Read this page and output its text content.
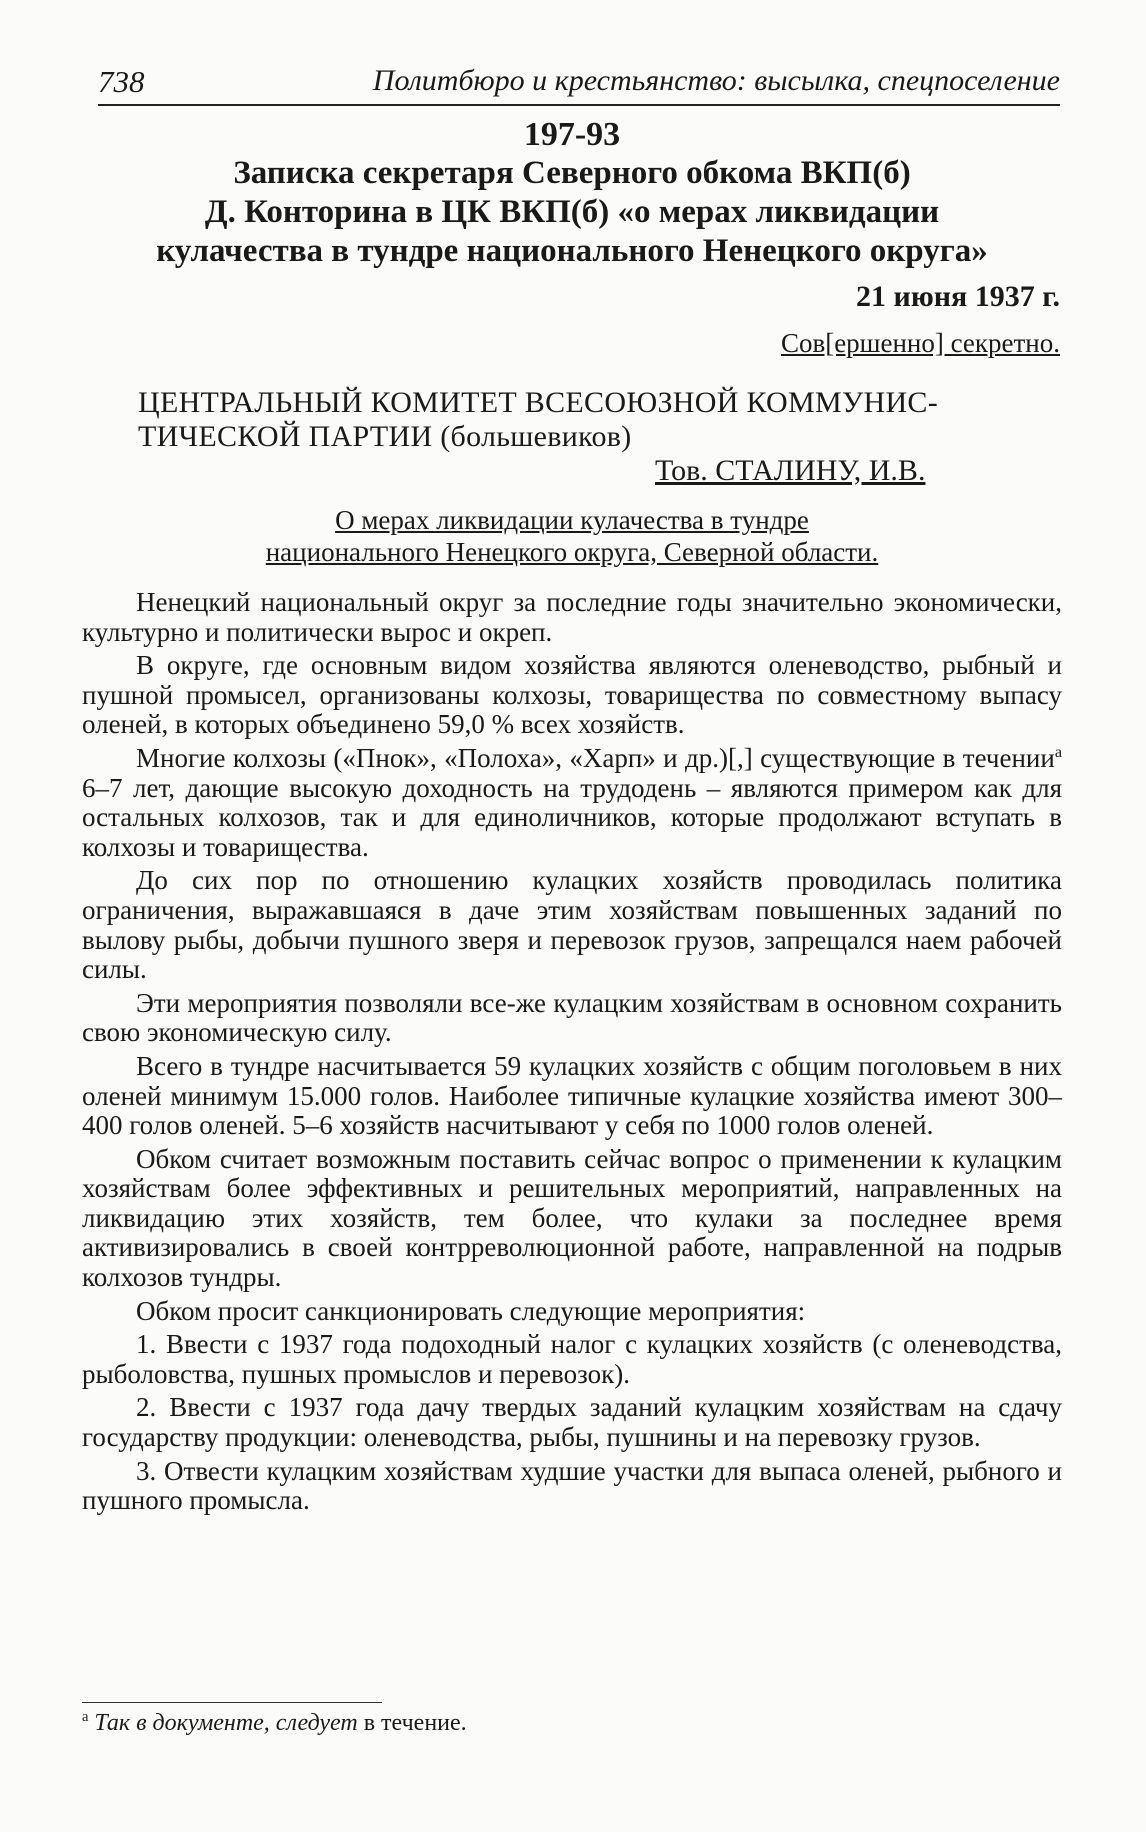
738	Политбюро и крестьянство: высылка, спецпоселение
197-93
Записка секретаря Северного обкома ВКП(б)
Д. Конторина в ЦК ВКП(б) «о мерах ликвидации
кулачества в тундре национального Ненецкого округа»
21 июня 1937 г.
Сов[ершенно] секретно.
ЦЕНТРАЛЬНЫЙ КОМИТЕТ ВСЕСОЮЗНОЙ КОММУНИС-
ТИЧЕСКОЙ ПАРТИИ (большевиков)
Тов. СТАЛИНУ, И.В.
О мерах ликвидации кулачества в тундре
национального Ненецкого округа, Северной области.

Ненецкий национальный округ за последние годы значительно экономически, культурно и политически вырос и окреп.

В округе, где основным видом хозяйства являются оленеводство, рыбный и пушной промысел, организованы колхозы, товарищества по совместному выпасу оленей, в которых объединено 59,0 % всех хозяйств.

Многие колхозы («Пнок», «Полоха», «Харп» и др.)[,] существующие в течении$^а$ 6–7 лет, дающие высокую доходность на трудодень – являются примером как для остальных колхозов, так и для единоличников, которые продолжают вступать в колхозы и товарищества.

До сих пор по отношению кулацких хозяйств проводилась политика ограничения, выражавшаяся в даче этим хозяйствам повышенных заданий по вылову рыбы, добычи пушного зверя и перевозок грузов, запрещался наем рабочей силы.

Эти мероприятия позволяли все-же кулацким хозяйствам в основном сохранить свою экономическую силу.

Всего в тундре насчитывается 59 кулацких хозяйств с общим поголовьем в них оленей минимум 15.000 голов. Наиболее типичные кулацкие хозяйства имеют 300–400 голов оленей. 5–6 хозяйств насчитывают у себя по 1000 голов оленей.

Обком считает возможным поставить сейчас вопрос о применении к кулацким хозяйствам более эффективных и решительных мероприятий, направленных на ликвидацию этих хозяйств, тем более, что кулаки за последнее время активизировались в своей контрреволюционной работе, направленной на подрыв колхозов тундры.

Обком просит санкционировать следующие мероприятия:

1. Ввести с 1937 года подоходный налог с кулацких хозяйств (с оленеводства, рыболовства, пушных промыслов и перевозок).

2. Ввести с 1937 года дачу твердых заданий кулацким хозяйствам на сдачу государству продукции: оленеводства, рыбы, пушнины и на перевозку грузов.

3. Отвести кулацким хозяйствам худшие участки для выпаса оленей, рыбного и пушного промысла.

$^а$ Так в документе, следует в течение.
